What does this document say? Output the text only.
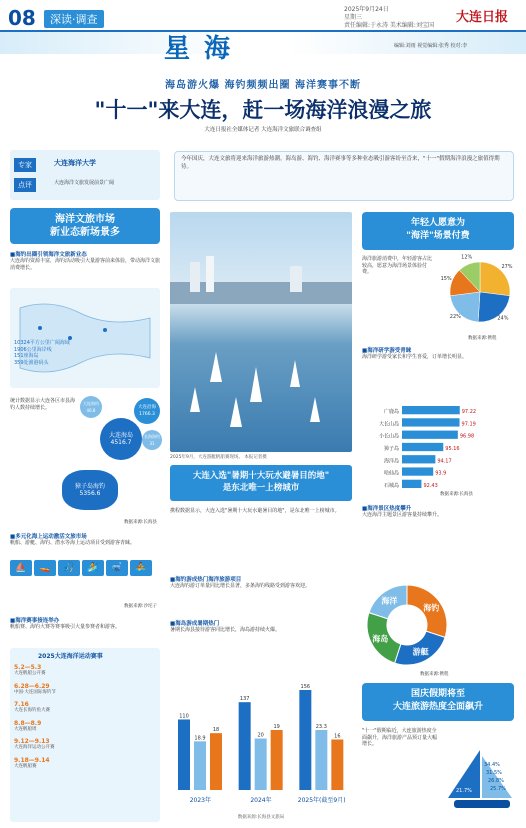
08	深读·调查
2025年9月24日
星期三
责任编辑:于永涛 美术编辑:刘宝国
大连日报
星海	编辑:刘雨 视觉编辑:张秀 校对:李
海岛游火爆 海钓频频出圈 海洋赛事不断
"十一"来大连，赶一场海洋浪漫之旅
大连日报社全媒体记者 大连海洋文旅联合调查组
专家
点评
大连海洋大学
大连海洋文旅发展前景广阔
今年国庆，大连文旅将迎来海洋旅游热潮。海岛游、海钓、海洋赛事等多种业态吸引游客纷至沓来，"十一"假期海洋浪漫之旅值得期待。
海洋文旅市场
新业态新场景多
■海钓出圈引领海洋文旅新业态
大连海钓资源丰富，海钓活动吸引大量游客前来体验，带动海洋文旅消费增长。
10324平方公里广阔海域
1906公里海岸线
151座海岛
359处渔港码头
统计数据显示大连各区市县海钓人数持续增长。
大连海岛
4516.7
大连沿海
1766.3
大连海钓
46.8
长海海钓
31
獐子岛海钓
5356.6
数据来源:长海县
■多元化海上运动激活文旅市场
帆船、游艇、海钓、潜水等海上运动项目受到游客青睐。
⛵	🚤	🎣	🏄	🤿	🚣
数据来源:沙坨子
■海洋赛事接连举办
帆船赛、海钓大赛等赛事吸引大量参赛者和游客。
2025大连海洋运动赛事
5.2—5.3
大连帆船公开赛
6.28—6.29
中国·大连国际海钓节
7.16
大连长海钓鱼大赛
8.8—8.9
大连帆船周
9.12—9.13
大连海洋运动公开赛
9.18—9.14
大连帆船赛
2025年9月，大连游艇帆船赛现场。 本报记者摄
大连入选"暑期十大玩水避暑目的地"
是东北唯一上榜城市
携程数据显示，大连入选"暑期十大玩水避暑目的地"，是东北唯一上榜城市。
■海钓游成热门海洋旅游项目
大连海钓游订单量同比增长显著，多条海钓线路受到游客欢迎。
■海岛游成暑期热门
暑期长海县接待游客同比增长，海岛游持续火爆。
110
18.9
18
2023年
137
20
19
2024年
156
23.3
16
2025年(截至9月)
数据来源:长海县文旅局
年轻人愿意为
"海洋"场景付费
海洋旅游消费中，年轻游客占比较高，愿意为海洋场景体验付费。
27%
24%
22%
15%
12%
数据来源:携程
■海洋研学游受青睐
海洋研学游受家长和学生喜爱，订单增长明显。
广鹿岛	97.22
大长山岛	97.19
小长山岛	96.98
獐子岛	95.16
海洋岛	94.17
哈仙岛	93.9
石城岛	92.43
数据来源:长海县
■海洋景区热度攀升
大连海洋主题景区游客量持续攀升。
海钓
游艇
海岛
海洋
数据来源:携程
国庆假期将至
大连旅游热度全面飙升
"十一"假期临近，大连旅游热度全面飙升，海洋旅游产品预订量大幅增长。
34.4%
31.5%
26.8%
25.7%
21.7%
